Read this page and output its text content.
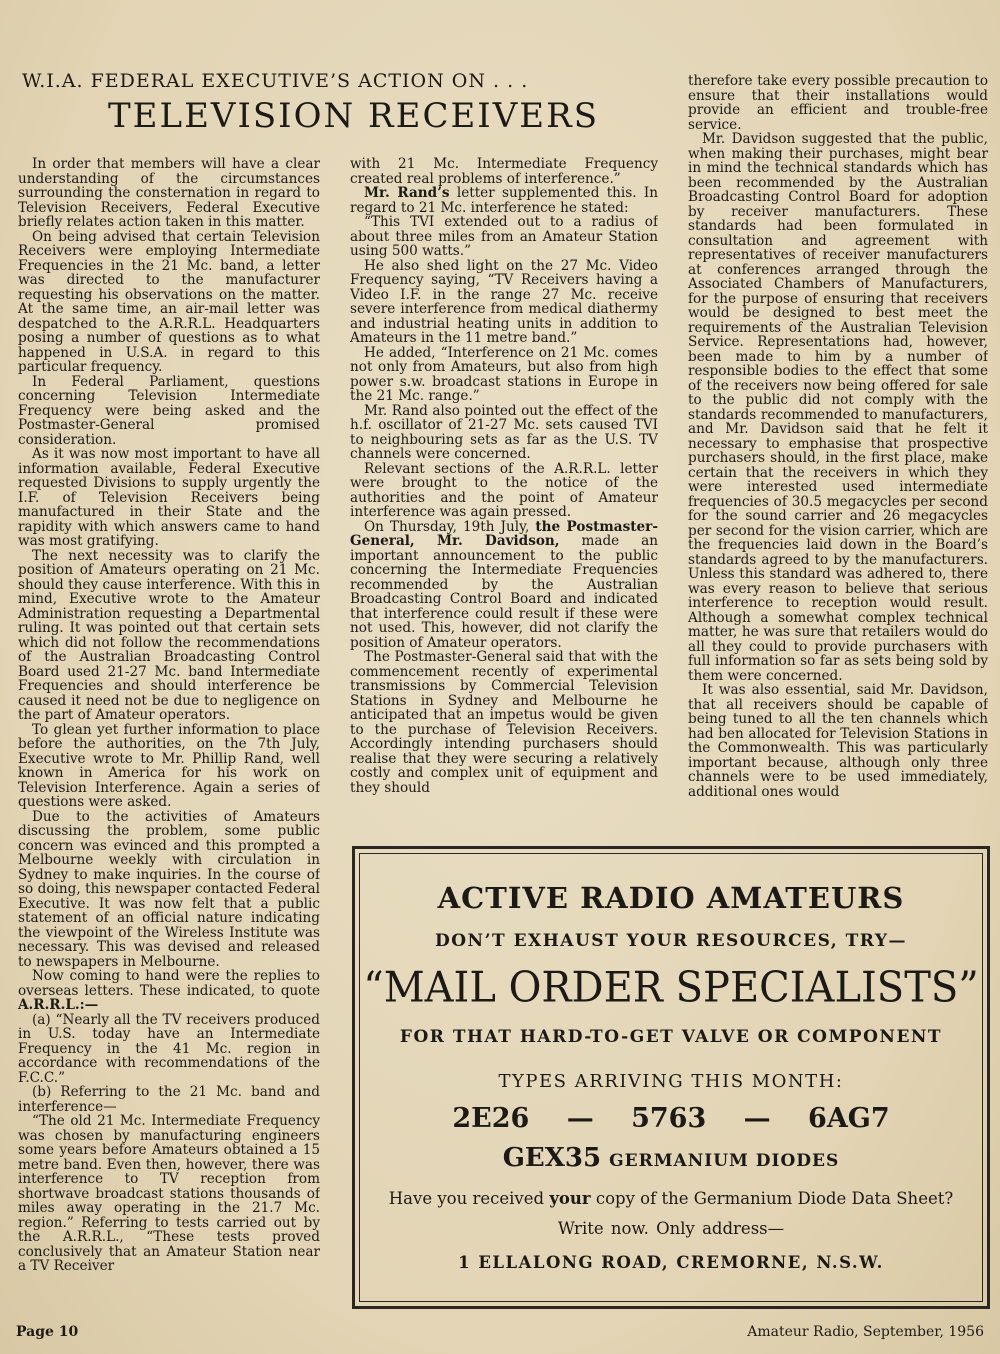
W.I.A. FEDERAL EXECUTIVE’S ACTION ON . . .
TELEVISION RECEIVERS

In order that members will have a clear understanding of the circumstances surrounding the consternation in regard to Television Receivers, Federal Executive briefly relates action taken in this matter.

On being advised that certain Television Receivers were employing Intermediate Frequencies in the 21 Mc. band, a letter was directed to the manufacturer requesting his observations on the matter. At the same time, an air-mail letter was despatched to the A.R.R.L. Headquarters posing a number of questions as to what happened in U.S.A. in regard to this particular frequency.

In Federal Parliament, questions concerning Television Intermediate Frequency were being asked and the Postmaster-General promised consideration.

As it was now most important to have all information available, Federal Executive requested Divisions to supply urgently the I.F. of Television Receivers being manufactured in their State and the rapidity with which answers came to hand was most gratifying.

The next necessity was to clarify the position of Amateurs operating on 21 Mc. should they cause interference. With this in mind, Executive wrote to the Amateur Administration requesting a Departmental ruling. It was pointed out that certain sets which did not follow the recommendations of the Australian Broadcasting Control Board used 21-27 Mc. band Intermediate Frequencies and should interference be caused it need not be due to negligence on the part of Amateur operators.

To glean yet further information to place before the authorities, on the 7th July, Executive wrote to Mr. Phillip Rand, well known in America for his work on Television Interference. Again a series of questions were asked.

Due to the activities of Amateurs discussing the problem, some public concern was evinced and this prompted a Melbourne weekly with circulation in Sydney to make inquiries. In the course of so doing, this newspaper contacted Federal Executive. It was now felt that a public statement of an official nature indicating the viewpoint of the Wireless Institute was necessary. This was devised and released to newspapers in Melbourne.

Now coming to hand were the replies to overseas letters. These indicated, to quote A.R.R.L.:—

(a) “Nearly all the TV receivers produced in U.S. today have an Intermediate Frequency in the 41 Mc. region in accordance with recommendations of the F.C.C.”

(b) Referring to the 21 Mc. band and interference—

“The old 21 Mc. Intermediate Frequency was chosen by manufacturing engineers some years before Amateurs obtained a 15 metre band. Even then, however, there was interference to TV reception from shortwave broadcast stations thousands of miles away operating in the 21.7 Mc. region.” Referring to tests carried out by the A.R.R.L., “These tests proved conclusively that an Amateur Station near a TV Receiver

with 21 Mc. Intermediate Frequency created real problems of interference.”

Mr. Rand’s letter supplemented this. In regard to 21 Mc. interference he stated:

“This TVI extended out to a radius of about three miles from an Amateur Station using 500 watts.”

He also shed light on the 27 Mc. Video Frequency saying, “TV Receivers having a Video I.F. in the range 27 Mc. receive severe interference from medical diathermy and industrial heating units in addition to Amateurs in the 11 metre band.”

He added, “Interference on 21 Mc. comes not only from Amateurs, but also from high power s.w. broadcast stations in Europe in the 21 Mc. range.”

Mr. Rand also pointed out the effect of the h.f. oscillator of 21-27 Mc. sets caused TVI to neighbouring sets as far as the U.S. TV channels were concerned.

Relevant sections of the A.R.R.L. letter were brought to the notice of the authorities and the point of Amateur interference was again pressed.

On Thursday, 19th July, the Postmaster-General, Mr. Davidson, made an important announcement to the public concerning the Intermediate Frequencies recommended by the Australian Broadcasting Control Board and indicated that interference could result if these were not used. This, however, did not clarify the position of Amateur operators.

The Postmaster-General said that with the commencement recently of experimental transmissions by Commercial Television Stations in Sydney and Melbourne he anticipated that an impetus would be given to the purchase of Television Receivers. Accordingly intending purchasers should realise that they were securing a relatively costly and complex unit of equipment and they should

therefore take every possible precaution to ensure that their installations would provide an efficient and trouble-free service.

Mr. Davidson suggested that the public, when making their purchases, might bear in mind the technical standards which has been recommended by the Australian Broadcasting Control Board for adoption by receiver manufacturers. These standards had been formulated in consultation and agreement with representatives of receiver manufacturers at conferences arranged through the Associated Chambers of Manufacturers, for the purpose of ensuring that receivers would be designed to best meet the requirements of the Australian Television Service. Representations had, however, been made to him by a number of responsible bodies to the effect that some of the receivers now being offered for sale to the public did not comply with the standards recommended to manufacturers, and Mr. Davidson said that he felt it necessary to emphasise that prospective purchasers should, in the first place, make certain that the receivers in which they were interested used intermediate frequencies of 30.5 megacycles per second for the sound carrier and 26 megacycles per second for the vision carrier, which are the frequencies laid down in the Board’s standards agreed to by the manufacturers. Unless this standard was adhered to, there was every reason to believe that serious interference to reception would result. Although a somewhat complex technical matter, he was sure that retailers would do all they could to provide purchasers with full information so far as sets being sold by them were concerned.

It was also essential, said Mr. Davidson, that all receivers should be capable of being tuned to all the ten channels which had ben allocated for Television Stations in the Commonwealth. This was particularly important because, although only three channels were to be used immediately, additional ones would

ACTIVE RADIO AMATEURS
DON’T EXHAUST YOUR RESOURCES, TRY—
“MAIL ORDER SPECIALISTS”
FOR THAT HARD-TO-GET VALVE OR COMPONENT
TYPES ARRIVING THIS MONTH:
2E26 — 5763 — 6AG7
GEX35 GERMANIUM DIODES
Have you received your copy of the Germanium Diode Data Sheet?
Write now. Only address—
1 ELLALONG ROAD, CREMORNE, N.S.W.
Page 10	Amateur Radio, September, 1956
